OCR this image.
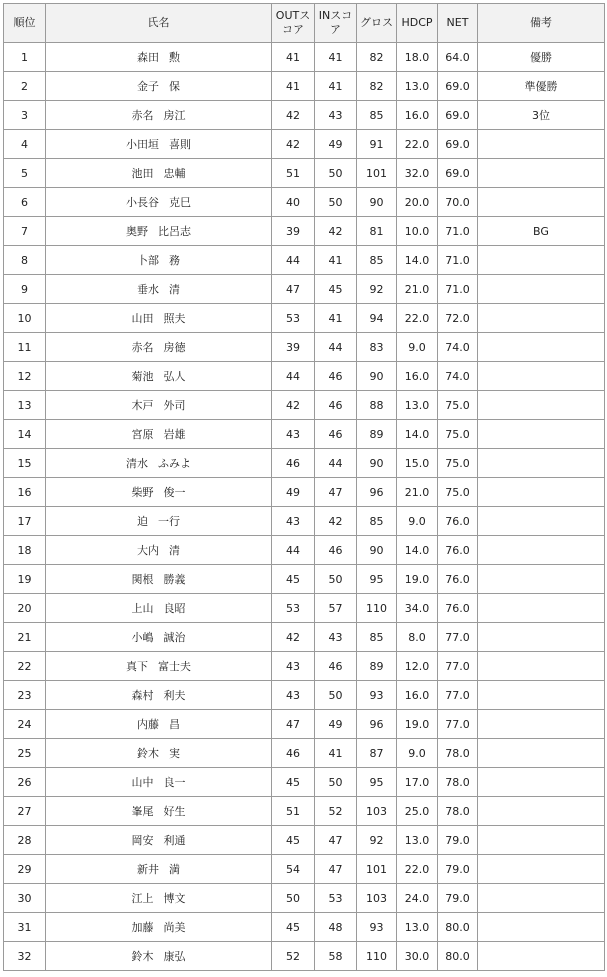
順位	氏名	OUTスコア	INスコア	グロス	HDCP	NET	備考
1	森田 勲	41	41	82	18.0	64.0	優勝
2	金子 保	41	41	82	13.0	69.0	準優勝
3	赤名 房江	42	43	85	16.0	69.0	3位
4	小田垣 喜則	42	49	91	22.0	69.0	
5	池田 忠輔	51	50	101	32.0	69.0	
6	小長谷 克巳	40	50	90	20.0	70.0	
7	奥野 比呂志	39	42	81	10.0	71.0	BG
8	卜部 務	44	41	85	14.0	71.0	
9	垂水 清	47	45	92	21.0	71.0	
10	山田 照夫	53	41	94	22.0	72.0	
11	赤名 房徳	39	44	83	9.0	74.0	
12	菊池 弘人	44	46	90	16.0	74.0	
13	木戸 外司	42	46	88	13.0	75.0	
14	宮原 岩雄	43	46	89	14.0	75.0	
15	清水 ふみよ	46	44	90	15.0	75.0	
16	柴野 俊一	49	47	96	21.0	75.0	
17	迫 一行	43	42	85	9.0	76.0	
18	大内 清	44	46	90	14.0	76.0	
19	関根 勝義	45	50	95	19.0	76.0	
20	上山 良昭	53	57	110	34.0	76.0	
21	小嶋 誠治	42	43	85	8.0	77.0	
22	真下 富士夫	43	46	89	12.0	77.0	
23	森村 利夫	43	50	93	16.0	77.0	
24	内藤 昌	47	49	96	19.0	77.0	
25	鈴木 実	46	41	87	9.0	78.0	
26	山中 良一	45	50	95	17.0	78.0	
27	峯尾 好生	51	52	103	25.0	78.0	
28	岡安 利通	45	47	92	13.0	79.0	
29	新井 満	54	47	101	22.0	79.0	
30	江上 博文	50	53	103	24.0	79.0	
31	加藤 尚美	45	48	93	13.0	80.0	
32	鈴木 康弘	52	58	110	30.0	80.0	
